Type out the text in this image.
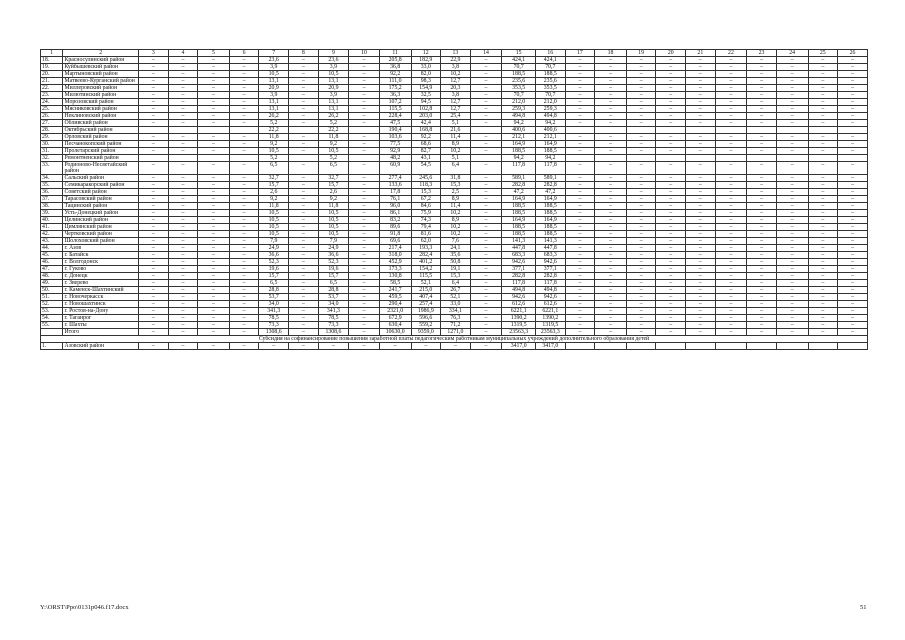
1	2	3	4	5	6	7	8	9	10	11	12	13	14	15	16	17	18	19	20	21	22	23	24	25	26
18.	Красносулинский район	–	–	–	–	23,6	–	23,6	–	205,8	182,9	22,9	–	424,1	424,1	–	–	–	–	–	–	–	–	–	–
19.	Куйбышевский район	–	–	–	–	3,9	–	3,9	–	36,8	33,0	3,8	–	70,7	70,7	–	–	–	–	–	–	–	–	–	–
20.	Мартыновский район	–	–	–	–	10,5	–	10,5	–	92,2	82,0	10,2	–	188,5	188,5	–	–	–	–	–	–	–	–	–	–
21.	Матвеево-Курганский район	–	–	–	–	13,1	–	13,1	–	111,0	98,3	12,7	–	235,6	235,6	–	–	–	–	–	–	–	–	–	–
22.	Миллеровский район	–	–	–	–	20,9	–	20,9	–	175,2	154,9	20,3	–	353,5	353,5	–	–	–	–	–	–	–	–	–	–
23.	Милютинский район	–	–	–	–	3,9	–	3,9	–	36,3	32,5	3,8	–	70,7	70,7	–	–	–	–	–	–	–	–	–	–
24.	Морозовский район	–	–	–	–	13,1	–	13,1	–	107,2	94,5	12,7	–	212,0	212,0	–	–	–	–	–	–	–	–	–	–
25.	Мясниковский район	–	–	–	–	13,1	–	13,1	–	115,5	102,8	12,7	–	259,3	259,3	–	–	–	–	–	–	–	–	–	–
26.	Неклиновский район	–	–	–	–	26,2	–	26,2	–	228,4	203,0	25,4	–	494,8	494,8	–	–	–	–	–	–	–	–	–	–
27.	Обливский район	–	–	–	–	5,2	–	5,2	–	47,5	42,4	5,1	–	94,2	94,2	–	–	–	–	–	–	–	–	–	–
28.	Октябрьский район					22,2		22,2		190,4	168,8	21,6		400,6	400,6										
29.	Орловский район	–	–	–	–	11,8	–	11,8	–	103,6	92,2	11,4	–	212,1	212,1	–	–	–	–	–	–	–	–	–	–
30.	Песчанокопский район	–	–	–	–	9,2	–	9,2	–	77,5	68,6	8,9	–	164,9	164,9	–	–	–	–	–	–	–	–	–	–
31.	Пролетарский район	–	–	–	–	10,5	–	10,5	–	92,9	82,7	10,2	–	188,5	188,5	–	–	–	–	–	–	–	–	–	–
32.	Ремонтненский район					5,2		5,2		48,2	43,1	5,1		94,2	94,2										
33.	Родионово-Несветайский район	–	–	–	–	6,5	–	6,5	–	60,9	54,5	6,4	–	117,8	117,8	–	–	–	–	–	–	–	–	–	–
34.	Сальский район	–	–	–	–	32,7	–	32,7	–	277,4	245,6	31,8	–	589,1	589,1	–	–	–	–	–	–	–	–	–	–
35.	Семикаракорский район	–	–	–	–	15,7	–	15,7	–	133,6	118,3	15,3	–	282,8	282,8	–	–	–	–	–	–	–	–	–	–
36.	Советский район	–	–	–	–	2,6	–	2,6	–	17,8	15,3	2,5	–	47,2	47,2	–	–	–	–	–	–	–	–	–	–
37.	Тарасовский район	–	–	–	–	9,2	–	9,2	–	76,1	67,2	8,9	–	164,9	164,9	–	–	–	–	–	–	–	–	–	–
38.	Тацинский район	–	–	–	–	11,8	–	11,8	–	96,0	84,6	11,4	–	188,5	188,5	–	–	–	–	–	–	–	–	–	–
39.	Усть-Донецкий район	–	–	–	–	10,5	–	10,5	–	86,1	75,9	10,2	–	188,5	188,5	–	–	–	–	–	–	–	–	–	–
40.	Целинский район	–	–	–	–	10,5	–	10,5	–	83,2	74,3	8,9	–	164,9	164,9	–	–	–	–	–	–	–	–	–	–
41.	Цимлянский район	–	–	–	–	10,5	–	10,5	–	89,6	79,4	10,2	–	188,5	188,5	–	–	–	–	–	–	–	–	–	–
42.	Чертковский район	–	–	–	–	10,5	–	10,5	–	91,8	81,6	10,2	–	188,5	188,5	–	–	–	–	–	–	–	–	–	–
43.	Шолоховский район	–	–	–	–	7,9	–	7,9	–	69,6	62,0	7,6	–	141,3	141,3	–	–	–	–	–	–	–	–	–	–
44.	г. Азов	–	–	–	–	24,9	–	24,9	–	217,4	193,3	24,1	–	447,8	447,8	–	–	–	–	–	–	–	–	–	–
45.	г. Батайск	–	–	–	–	36,6	–	36,6	–	318,0	282,4	35,6	–	683,3	683,3	–	–	–	–	–	–	–	–	–	–
46.	г. Волгодонск	–	–	–	–	52,3	–	52,3	–	452,9	401,2	50,8	–	942,6	942,6	–	–	–	–	–	–	–	–	–	–
47.	г. Гуково	–	–	–	–	19,6	–	19,6	–	173,3	154,2	19,1	–	377,1	377,1	–	–	–	–	–	–	–	–	–	–
48.	г. Донецк	–	–	–	–	15,7	–	15,7	–	130,8	115,5	15,3	–	282,8	282,8	–	–	–	–	–	–	–	–	–	–
49.	г. Зверево	–	–	–	–	6,5	–	6,5	–	58,5	52,1	6,4	–	117,8	117,8	–	–	–	–	–	–	–	–	–	–
50.	г. Каменск-Шахтинский	–	–	–	–	28,8	–	28,8	–	241,7	215,0	26,7	–	494,8	494,8	–	–	–	–	–	–	–	–	–	–
51.	г. Новочеркасск	–	–	–	–	53,7	–	53,7	–	459,5	407,4	52,1	–	942,6	942,6	–	–	–	–	–	–	–	–	–	–
52.	г. Новошахтинск	–	–	–	–	34,0	–	34,0	–	290,4	257,4	33,0	–	612,6	612,6	–	–	–	–	–	–	–	–	–	–
53.	г. Ростов-на-Дону	–	–	–	–	341,3	–	341,3	–	2321,0	1986,9	334,1	–	6221,1	6221,1	–	–	–	–	–	–	–	–	–	–
54.	г. Таганрог	–	–	–	–	78,5	–	78,5	–	672,9	596,6	76,3	–	1390,2	1390,2	–	–	–	–	–	–	–	–	–	–
55.	г. Шахты	–	–	–	–	73,3	–	73,3	–	630,4	559,2	71,2	–	1319,5	1319,5	–	–	–	–	–	–	–	–	–	–
	Итого	–	–	–	–	1308,6	–	1308,6	–	10630,0	9359,0	1271,0	–	23563,3	23563,3	–	–	–	–	–	–	–	–	–	–
Субсидия на софинансирование повышения заработной платы педагогическим работникам муниципальных учреждений дополнительного образования детей																									
1.	Азовский район	–	–	–	–	–	–	–	–	–	–	–	–	3417,0	3417,0										
Y:\ORST\Ppo\0131p046.f17.docx	51
